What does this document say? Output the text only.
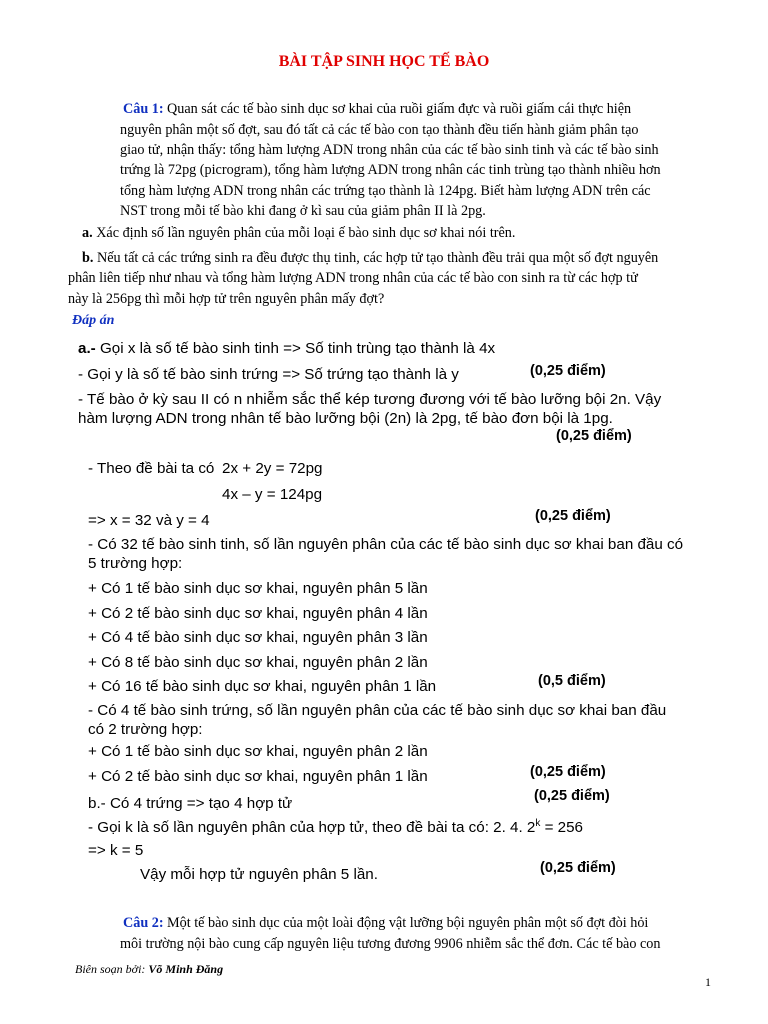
BÀI TẬP SINH HỌC TẾ BÀO
Câu 1: Quan sát các tế bào sinh dục sơ khai của ruồi giấm đực và ruồi giấm cái thực hiện
nguyên phân một số đợt, sau đó tất cả các tế bào con tạo thành đều tiến hành giảm phân tạo
giao tử, nhận thấy: tổng hàm lượng ADN trong nhân của các tế bào sinh tinh và các tế bào sinh
trứng là 72pg (picrogram), tổng hàm lượng ADN trong nhân các tinh trùng tạo thành nhiều hơn
tổng hàm lượng ADN trong nhân các trứng tạo thành là 124pg. Biết hàm lượng ADN trên các
NST trong mỗi tế bào khi đang ở kì sau của giảm phân II là 2pg.
a. Xác định số lần nguyên phân của mỗi loại ế bào sinh dục sơ khai nói trên.
b. Nếu tất cả các trứng sinh ra đều được thụ tinh, các hợp tử tạo thành đều trải qua một số đợt nguyên
phân liên tiếp như nhau và tổng hàm lượng ADN trong nhân của các tế bào con sinh ra từ các hợp tử
này là 256pg thì mỗi hợp tử trên nguyên phân mấy đợt?
Đáp án
a.- Gọi x là số tế bào sinh tinh => Số tinh trùng tạo thành là 4x
- Gọi y là số tế bào sinh trứng => Số trứng tạo thành là y	(0,25 điểm)
- Tế bào ở kỳ sau II có n nhiễm sắc thể kép tương đương với tế bào lưỡng bội 2n. Vậy
hàm lượng ADN trong nhân tế bào lưỡng bội (2n) là 2pg, tế bào đơn bội là 1pg.
(0,25 điểm)
- Theo đề bài ta có 2x + 2y = 72pg
4x – y = 124pg
=> x = 32 và y = 4	(0,25 điểm)
- Có 32 tế bào sinh tinh, số lần nguyên phân của các tế bào sinh dục sơ khai ban đầu có
5 trường hợp:
+ Có 1 tế bào sinh dục sơ khai, nguyên phân 5 lần
+ Có 2 tế bào sinh dục sơ khai, nguyên phân 4 lần
+ Có 4 tế bào sinh dục sơ khai, nguyên phân 3 lần
+ Có 8 tế bào sinh dục sơ khai, nguyên phân 2 lần
+ Có 16 tế bào sinh dục sơ khai, nguyên phân 1 lần	(0,5 điểm)
- Có 4 tế bào sinh trứng, số lần nguyên phân của các tế bào sinh dục sơ khai ban đầu
có 2 trường hợp:
+ Có 1 tế bào sinh dục sơ khai, nguyên phân 2 lần
+ Có 2 tế bào sinh dục sơ khai, nguyên phân 1 lần	(0,25 điểm)
b.- Có 4 trứng => tạo 4 hợp tử	(0,25 điểm)
- Gọi k là số lần nguyên phân của hợp tử, theo đề bài ta có: 2. 4. $2^k = 256$
=> k = 5
Vậy mỗi hợp tử nguyên phân 5 lần.	(0,25 điểm)
Câu 2: Một tế bào sinh dục của một loài động vật lưỡng bội nguyên phân một số đợt đòi hỏi
môi trường nội bào cung cấp nguyên liệu tương đương 9906 nhiễm sắc thể đơn. Các tế bào con
Biên soạn bởi: Võ Minh Đăng
1
